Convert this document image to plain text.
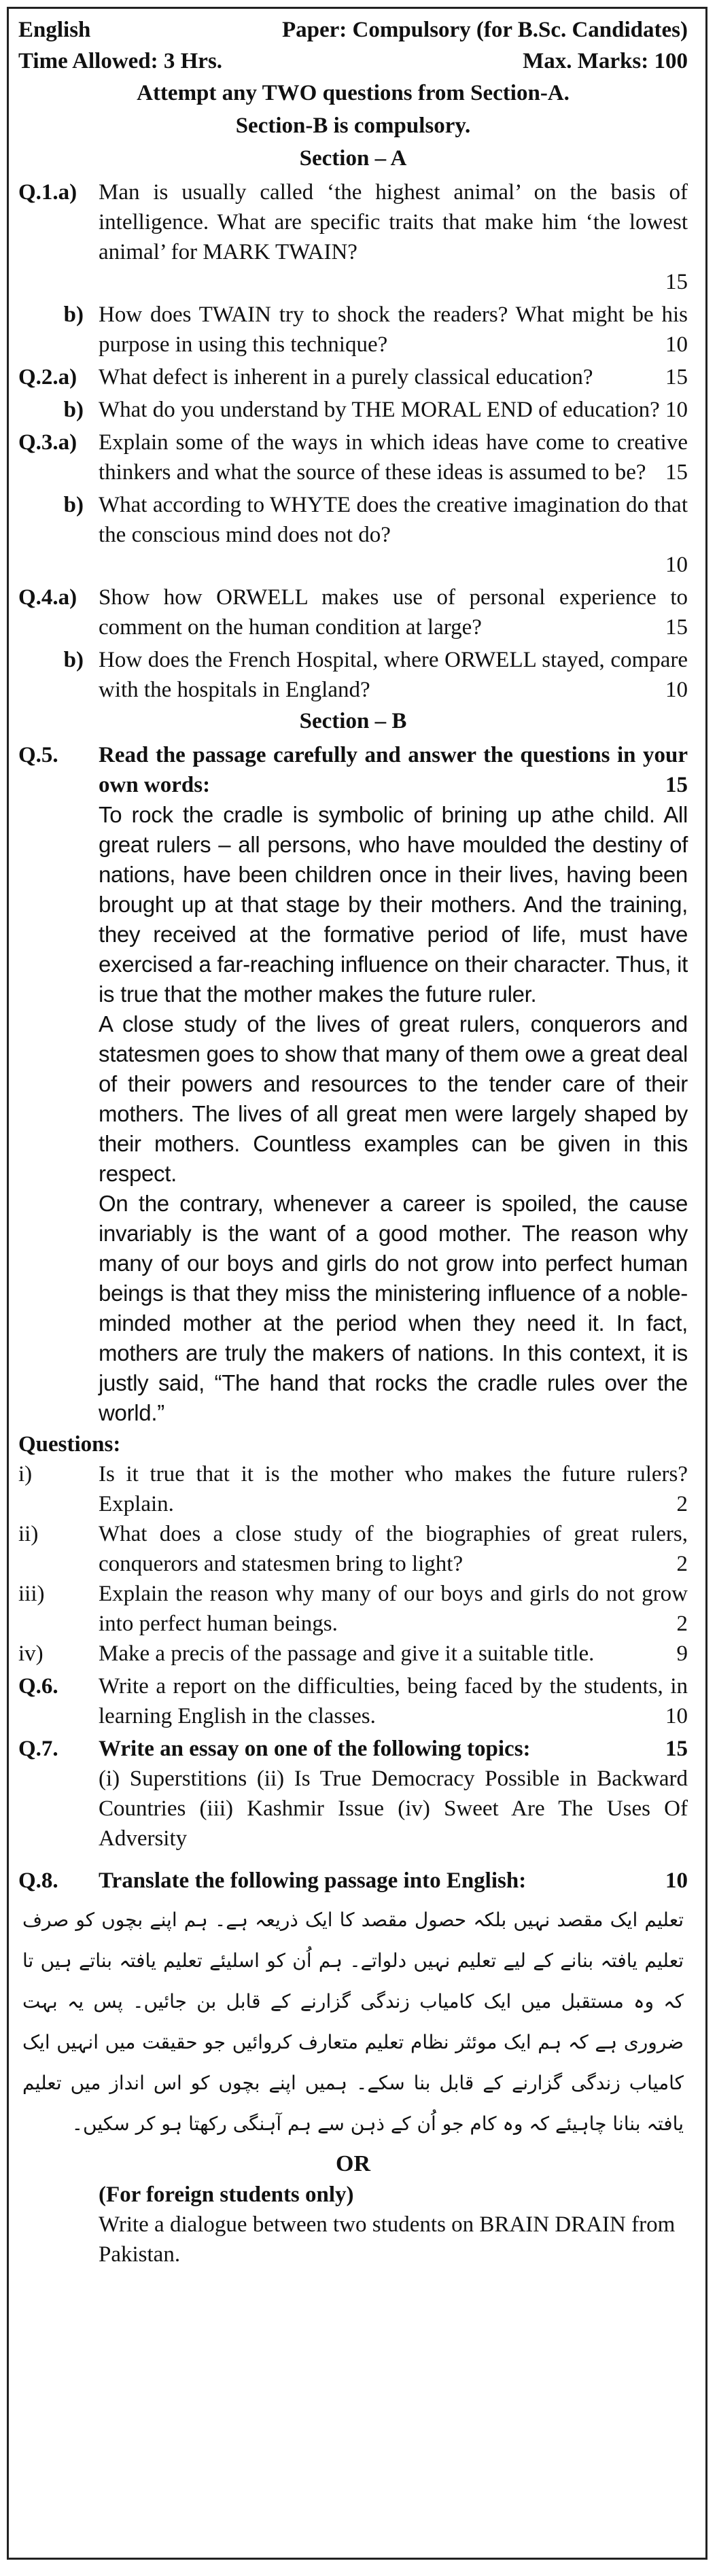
English	Paper: Compulsory (for B.Sc. Candidates)
Time Allowed: 3 Hrs.	Max. Marks: 100
Attempt any TWO questions from Section-A.
Section-B is compulsory.
Section – A
Q.1.a) Man is usually called ‘the highest animal’ on the basis of intelligence. What are specific traits that make him ‘the lowest animal’ for MARK TWAIN?
15
b) How does TWAIN try to shock the readers? What might be his purpose in using this technique?	10
Q.2.a) What defect is inherent in a purely classical education?	15
b) What do you understand by THE MORAL END of education? 10
Q.3.a) Explain some of the ways in which ideas have come to creative thinkers and what the source of these ideas is assumed to be? 15
b) What according to WHYTE does the creative imagination do that the conscious mind does not do?
10
Q.4.a) Show how ORWELL makes use of personal experience to comment on the human condition at large?	15
b) How does the French Hospital, where ORWELL stayed, compare with the hospitals in England?	10
Section – B
Q.5.	Read the passage carefully and answer the questions in your own words:	15

To rock the cradle is symbolic of brining up athe child. All great rulers – all persons, who have moulded the destiny of nations, have been children once in their lives, having been brought up at that stage by their mothers. And the training, they received at the formative period of life, must have exercised a far-reaching influence on their character. Thus, it is true that the mother makes the future ruler.

A close study of the lives of great rulers, conquerors and statesmen goes to show that many of them owe a great deal of their powers and resources to the tender care of their mothers. The lives of all great men were largely shaped by their mothers. Countless examples can be given in this respect.

On the contrary, whenever a career is spoiled, the cause invariably is the want of a good mother. The reason why many of our boys and girls do not grow into perfect human beings is that they miss the ministering influence of a noble-minded mother at the period when they need it. In fact, mothers are truly the makers of nations. In this context, it is justly said, “The hand that rocks the cradle rules over the world.”

Questions:
i)	Is it true that it is the mother who makes the future rulers? Explain.	2
ii)	What does a close study of the biographies of great rulers, conquerors and statesmen bring to light?	2
iii)	Explain the reason why many of our boys and girls do not grow into perfect human beings.	2
iv)	Make a precis of the passage and give it a suitable title.	9
Q.6.	Write a report on the difficulties, being faced by the students, in learning English in the classes.	10
Q.7.	Write an essay on one of the following topics:	15

(i) Superstitions (ii) Is True Democracy Possible in Backward Countries (iii) Kashmir Issue (iv) Sweet Are The Uses Of Adversity
Q.8.	Translate the following passage into English:	10
تعلیم ایک مقصد نہیں بلکہ حصول مقصد کا ایک ذریعہ ہے۔ ہم اپنے بچوں کو صرف تعلیم یافتہ بنانے کے لیے تعلیم نہیں دلواتے۔ ہم اُن کو اسلیئے تعلیم یافتہ بناتے ہیں تا کہ وہ مستقبل میں ایک کامیاب زندگی گزارنے کے قابل بن جائیں۔ پس یہ بہت ضروری ہے کہ ہم ایک موئثر نظام تعلیم متعارف کروائیں جو حقیقت میں انہیں ایک کامیاب زندگی گزارنے کے قابل بنا سکے۔ ہمیں اپنے بچوں کو اس انداز میں تعلیم یافتہ بنانا چاہیئے کہ وہ کام جو اُن کے ذہن سے ہم آہنگی رکھتا ہو کر سکیں۔
OR
(For foreign students only)
Write a dialogue between two students on BRAIN DRAIN from Pakistan.
